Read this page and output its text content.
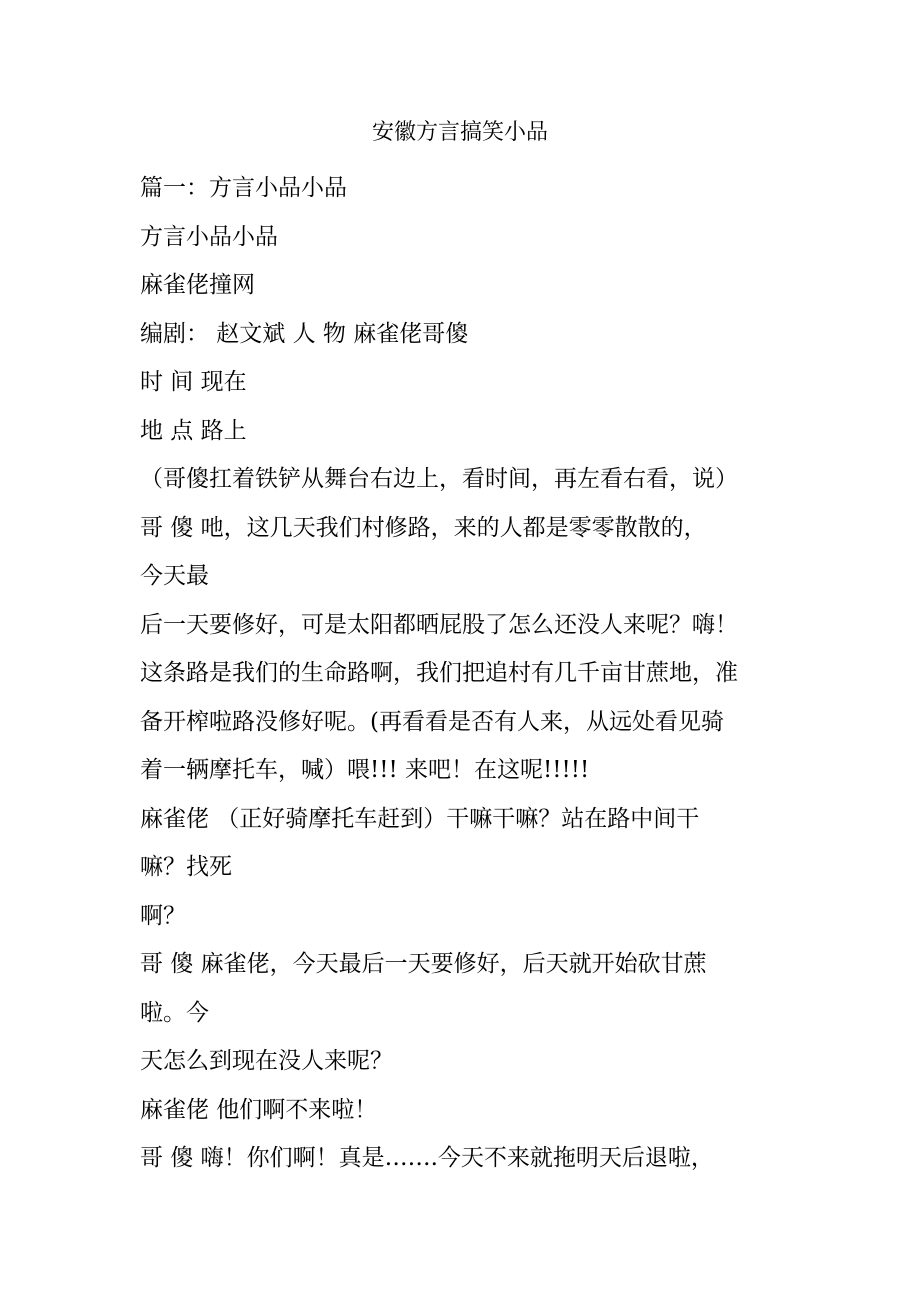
安徽方言搞笑小品
篇一：方言小品小品
方言小品小品
麻雀佬撞网
编剧： 赵文斌 人 物 麻雀佬哥傻
时 间 现在
地 点 路上
（哥傻扛着铁铲从舞台右边上，看时间，再左看右看，说）
哥 傻 吔，这几天我们村修路，来的人都是零零散散的，
今天最
后一天要修好，可是太阳都晒屁股了怎么还没人来呢？嗨！
这条路是我们的生命路啊，我们把追村有几千亩甘蔗地，准
备开榨啦路没修好呢。(再看看是否有人来，从远处看见骑
着一辆摩托车，喊）喂!!! 来吧！在这呢!!!!!
麻雀佬 （正好骑摩托车赶到）干嘛干嘛？站在路中间干
嘛？找死
啊？
哥 傻 麻雀佬，今天最后一天要修好，后天就开始砍甘蔗
啦。今
天怎么到现在没人来呢？
麻雀佬 他们啊不来啦！
哥 傻 嗨！你们啊！真是…….今天不来就拖明天后退啦，
